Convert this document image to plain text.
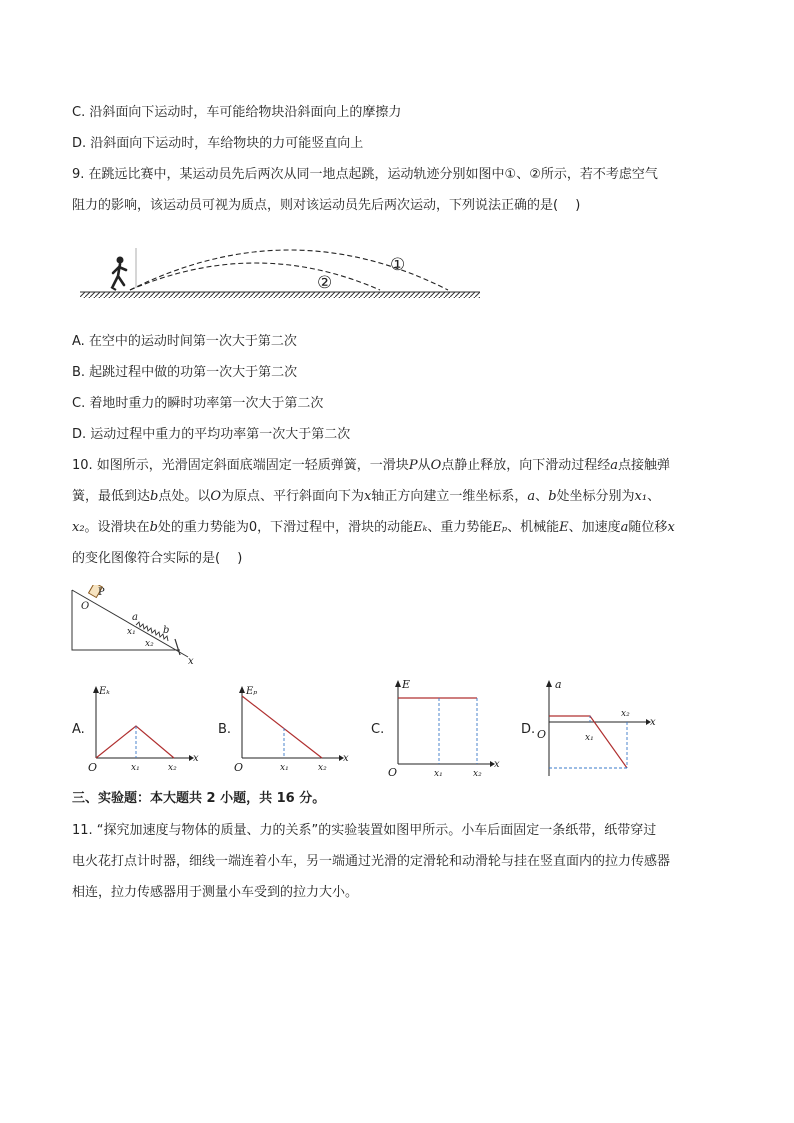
C. 沿斜面向下运动时，车可能给物块沿斜面向上的摩擦力
D. 沿斜面向下运动时，车给物块的力可能竖直向上
9. 在跳远比赛中，某运动员先后两次从同一地点起跳，运动轨迹分别如图中①、②所示，若不考虑空气
阻力的影响，该运动员可视为质点，则对该运动员先后两次运动，下列说法正确的是(　 )
①
②
A. 在空中的运动时间第一次大于第二次
B. 起跳过程中做的功第一次大于第二次
C. 着地时重力的瞬时功率第一次大于第二次
D. 运动过程中重力的平均功率第一次大于第二次
10. 如图所示，光滑固定斜面底端固定一轻质弹簧，一滑块P从O点静止释放，向下滑动过程经a点接触弹
簧，最低到达b点处。以O为原点、平行斜面向下为x轴正方向建立一维坐标系，a、b处坐标分别为x₁、
x₂。设滑块在b处的重力势能为0，下滑过程中，滑块的动能Eₖ、重力势能Eₚ、机械能E、加速度a随位移x
的变化图像符合实际的是(　 )
P
O
a
b
x₁
x₂
x
A.
Eₖ
O	x₁	x₂
x
B.
Eₚ
O	x₁	x₂
x
C.
E
O	x₁	x₂
x
D.
a
O	x₁
x₂
x
三、实验题：本大题共 2 小题，共 16 分。
11. “探究加速度与物体的质量、力的关系”的实验装置如图甲所示。小车后面固定一条纸带，纸带穿过
电火花打点计时器，细线一端连着小车，另一端通过光滑的定滑轮和动滑轮与挂在竖直面内的拉力传感器
相连，拉力传感器用于测量小车受到的拉力大小。
